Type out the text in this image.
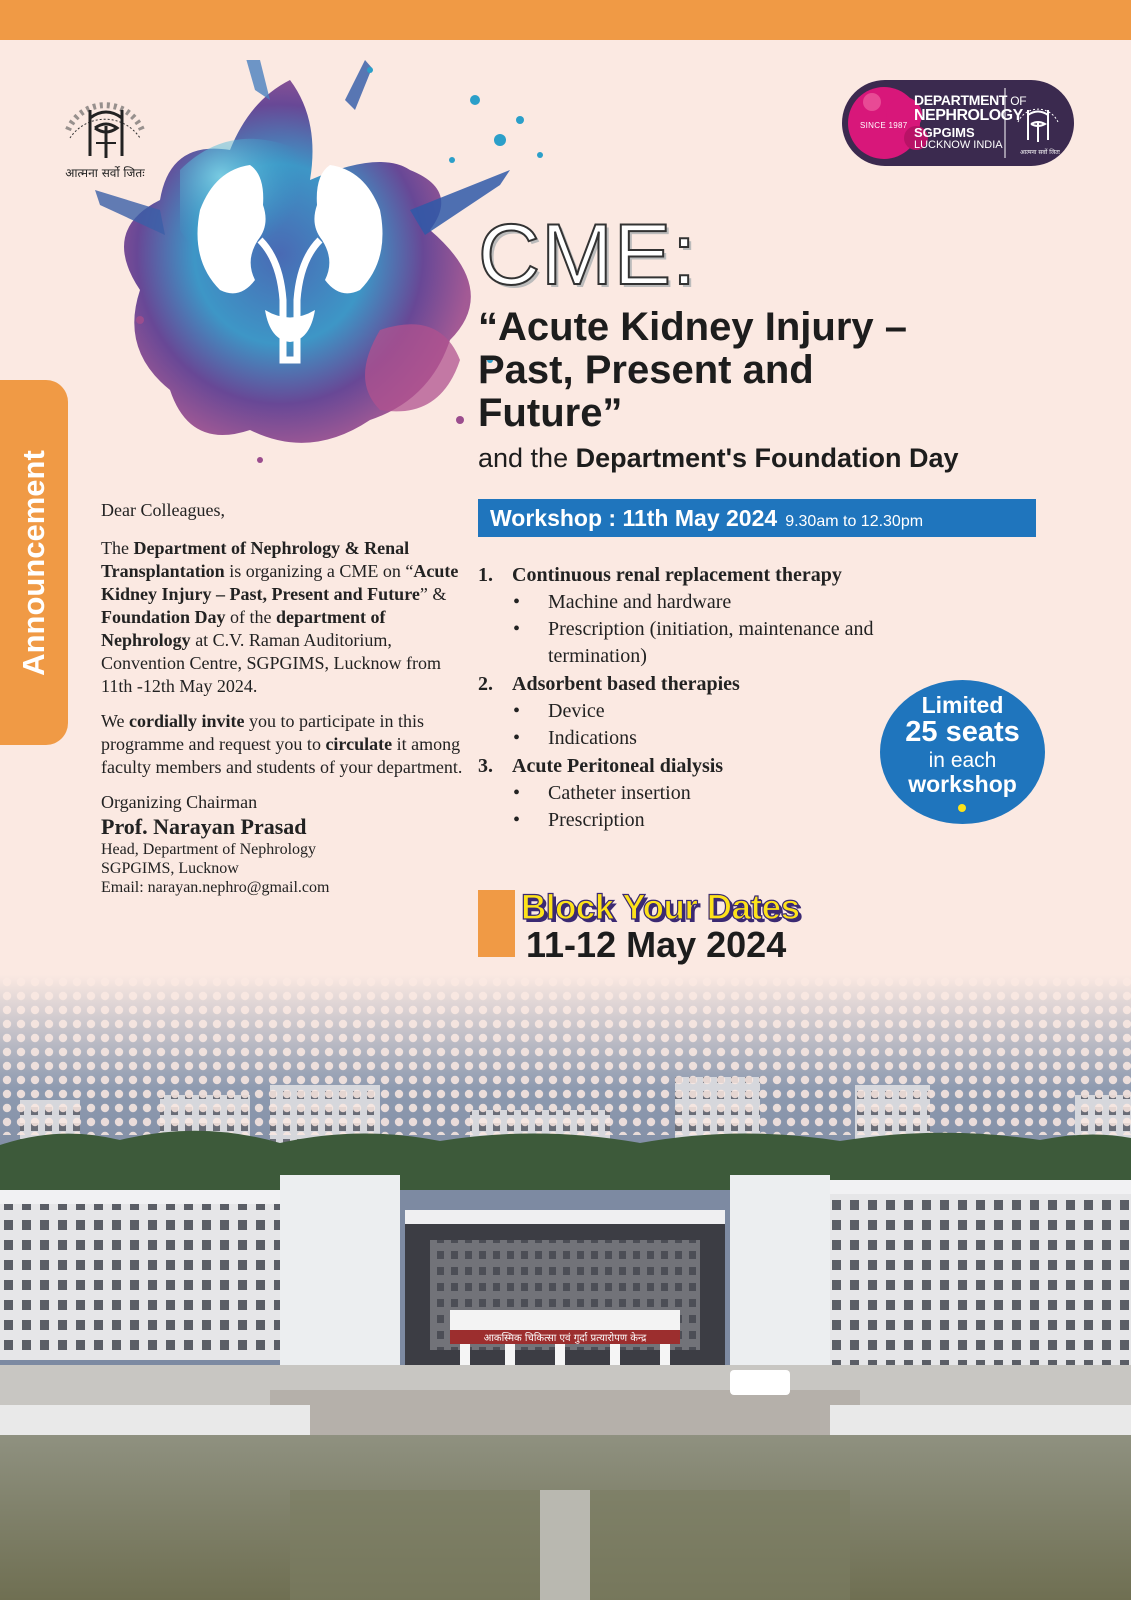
आत्मना सर्वो जितः
SINCE 1987
DEPARTMENT OF
NEPHROLOGY
SGPGIMS
LUCKNOW INDIA
आत्मना सर्वो जितः
Announcement
CME:
“Acute Kidney Injury –
Past, Present and
Future”
and the Department's Foundation Day
Workshop : 11th May 2024 9.30am to 12.30pm

Dear Colleagues,

The Department of Nephrology & Renal Transplantation is organizing a CME on “Acute Kidney Injury – Past, Present and Future” & Foundation Day of the department of Nephrology at C.V. Raman Auditorium, Convention Centre, SGPGIMS, Lucknow from 11th -12th May 2024.

We cordially invite you to participate in this programme and request you to circulate it among faculty members and students of your department.

Organizing Chairman

Prof. Narayan Prasad

Head, Department of Nephrology

SGPGIMS, Lucknow

Email: narayan.nephro@gmail.com

1. Continuous renal replacement therapy
• Machine and hardware
• Prescription (initiation, maintenance and termination)
2. Adsorbent based therapies
• Device
• Indications
3. Acute Peritoneal dialysis
• Catheter insertion
• Prescription
Limited
25 seats
in each
workshop
Block Your Dates
11-12 May 2024
आकस्मिक चिकित्सा एवं गुर्दा प्रत्यारोपण केन्द्र
